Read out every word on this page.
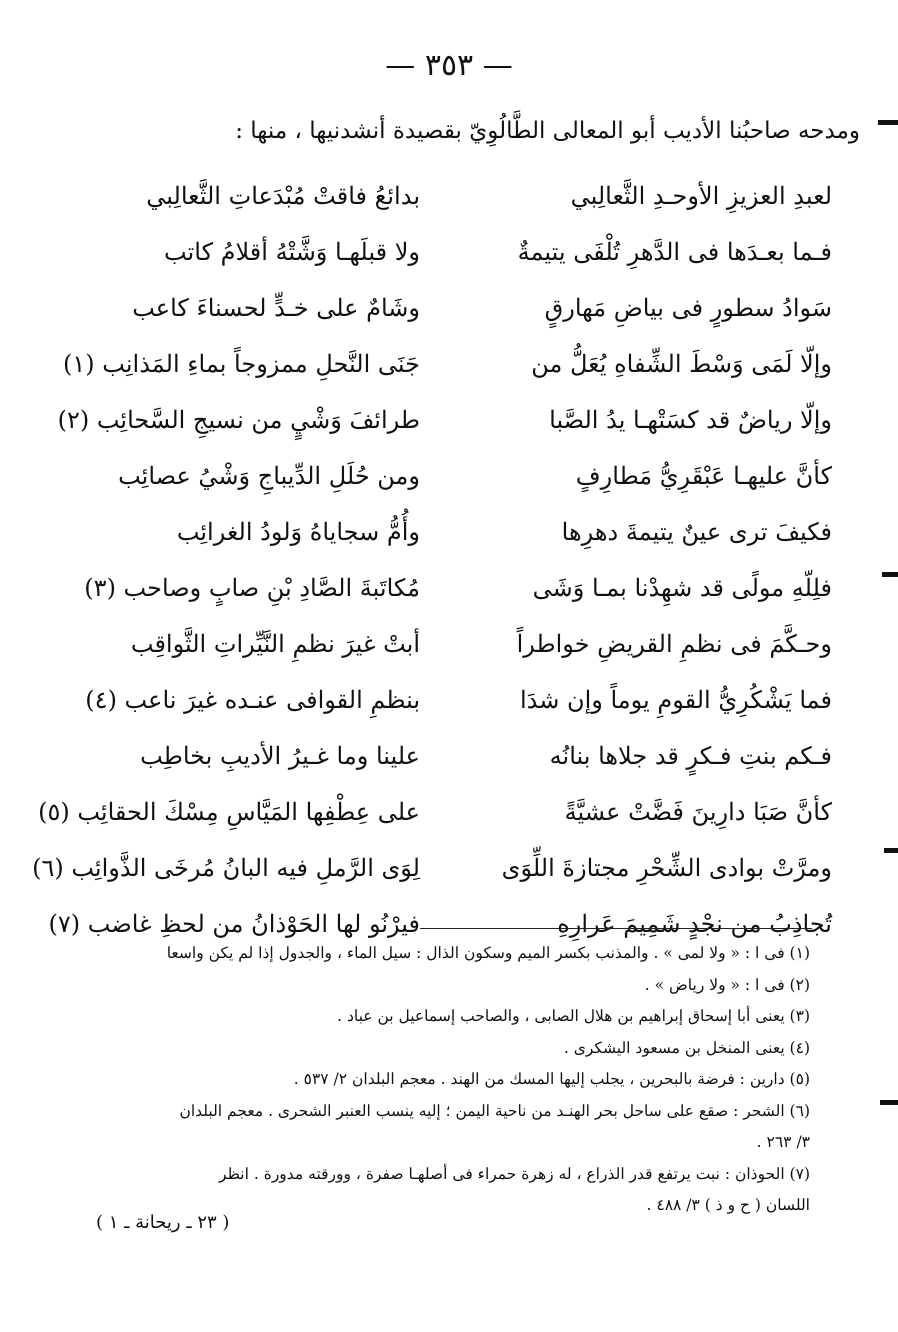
— ٣٥٣ —
ومدحه صاحبُنا الأديب أبو المعالى الطَّالُوِيّ بقصيدة أنشدنيها ، منها :
لعبدِ العزيزِ الأوحـدِ الثَّعالِبي
بدائعُ فاقتْ مُبْدَعاتِ الثَّعالِبي
فـما بعـدَها فى الدَّهرِ تُلْفَى يتيمةٌ
ولا قبلَهـا وَشَّتْهُ أقلامُ كاتب
سَوادُ سطورٍ فى بياضِ مَهارقٍ
وشَامٌ على خـدٍّ لحسناءَ كاعب
وإلّا لَمَى وَسْطَ الشِّفاهِ يُعَلُّ من
جَنَى النَّحلِ ممزوجاً بماءِ المَذانِب (١)
وإلّا رياضٌ قد كسَتْهـا يدُ الصَّبا
طرائفَ وَشْيٍ من نسيجِ السَّحائِب (٢)
كأنَّ عليهـا عَبْقَرِيُّ مَطارِفٍ
ومن حُلَلِ الدِّيباجِ وَشْيُ عصائِب
فكيفَ ترى عينٌ يتيمةَ دهرِها
وأُمُّ سجاياهُ وَلودُ الغرائِب
فلِلّهِ مولًى قد شهِدْنا بمـا وَشَى
مُكاتَبةَ الصَّادِ بْنِ صابٍ وصاحب (٣)
وحـكَّمَ فى نظمِ القريضِ خواطراً
أبتْ غيرَ نظمِ النَّيِّراتِ الثَّواقِب
فما يَشْكُرِيُّ القومِ يوماً وإن شدَا
بنظمِ القوافى عنـده غيرَ ناعب (٤)
فـكم بنتِ فـكرٍ قد جلاها بنانُه
علينا وما غـيرُ الأديبِ بخاطِب
كأنَّ صَبَا دارِينَ فَضَّتْ عشيَّةً
على عِطْفِها المَيَّاسِ مِسْكَ الحقائِب (٥)
ومرَّتْ بوادى الشِّحْرِ مجتازةَ اللِّوَى
لِوَى الرَّملِ فيه البانُ مُرخَى الذَّوائِب (٦)
تُجاذِبُ من نجْدٍ شَمِيمَ عَرارِهِ
فيرْنُو لها الحَوْذانُ من لحظِ غاضب (٧)

(١) فى ا : « ولا لمى » . والمذنب بكسر الميم وسكون الذال : سيل الماء ، والجدول إذا لم يكن واسعا

(٢) فى ا : « ولا رياض » .

(٣) يعنى أبا إسحاق إبراهيم بن هلال الصابى ، والصاحب إسماعيل بن عباد .

(٤) يعنى المنخل بن مسعود اليشكرى .

(٥) دارين : فرضة بالبحرين ، يجلب إليها المسك من الهند . معجم البلدان ٢/ ٥٣٧ .

(٦) الشحر : صقع على ساحل بحر الهنـد من ناحية اليمن ؛ إليه ينسب العنبر الشحرى . معجم البلدان

٣/ ٢٦٣ .

(٧) الحوذان : نبت يرتفع قدر الذراع ، له زهرة حمراء فى أصلهـا صفرة ، وورقته مدورة . انظر

اللسان ( ح و ذ ) ٣/ ٤٨٨ .

( ٢٣ ـ ريحانة ـ ١ )
